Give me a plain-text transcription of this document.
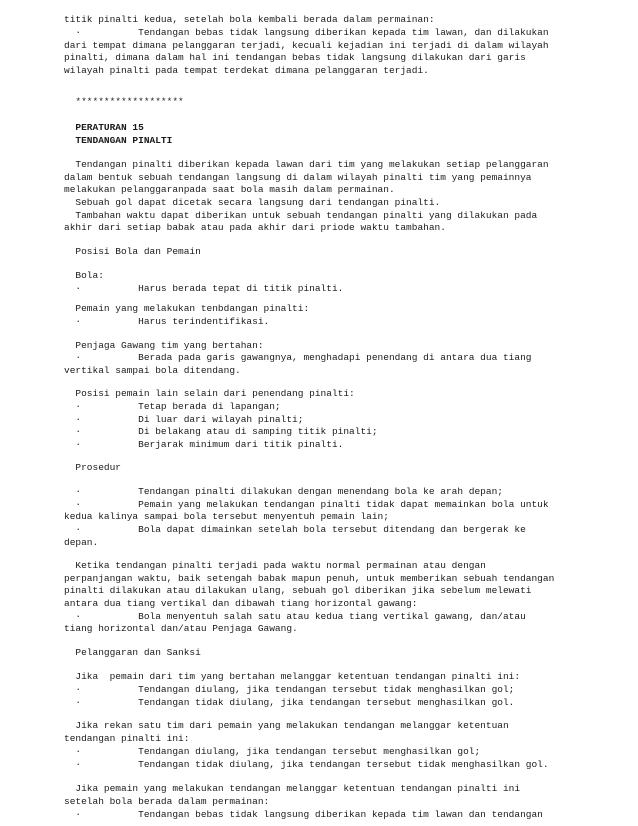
titik pinalti kedua, setelah bola kembali berada dalam permainan:
·          Tendangan bebas tidak langsung diberikan kepada tim lawan, dan dilakukan
dari tempat dimana pelanggaran terjadi, kecuali kejadian ini terjadi di dalam wilayah
pinalti, dimana dalam hal ini tendangan bebas tidak langsung dilakukan dari garis
wilayah pinalti pada tempat terdekat dimana pelanggaran terjadi.
*******************
PERATURAN 15
TENDANGAN PINALTI
Tendangan pinalti diberikan kepada lawan dari tim yang melakukan setiap pelanggaran
dalam bentuk sebuah tendangan langsung di dalam wilayah pinalti tim yang pemainnya
melakukan pelanggaranpada saat bola masih dalam permainan.
Sebuah gol dapat dicetak secara langsung dari tendangan pinalti.
Tambahan waktu dapat diberikan untuk sebuah tendangan pinalti yang dilakukan pada
akhir dari setiap babak atau pada akhir dari priode waktu tambahan.
Posisi Bola dan Pemain
Bola:
·          Harus berada tepat di titik pinalti.
Pemain yang melakukan tenbdangan pinalti:
·          Harus terindentifikasi.
Penjaga Gawang tim yang bertahan:
·          Berada pada garis gawangnya, menghadapi penendang di antara dua tiang
vertikal sampai bola ditendang.
Posisi pemain lain selain dari penendang pinalti:
·          Tetap berada di lapangan;
·          Di luar dari wilayah pinalti;
·          Di belakang atau di samping titik pinalti;
·          Berjarak minimum dari titik pinalti.
Prosedur
·          Tendangan pinalti dilakukan dengan menendang bola ke arah depan;
·          Pemain yang melakukan tendangan pinalti tidak dapat memainkan bola untuk
kedua kalinya sampai bola tersebut menyentuh pemain lain;
·          Bola dapat dimainkan setelah bola tersebut ditendang dan bergerak ke
depan.
Ketika tendangan pinalti terjadi pada waktu normal permainan atau dengan
perpanjangan waktu, baik setengah babak mapun penuh, untuk memberikan sebuah tendangan
pinalti dilakukan atau dilakukan ulang, sebuah gol diberikan jika sebelum melewati
antara dua tiang vertikal dan dibawah tiang horizontal gawang:
·          Bola menyentuh salah satu atau kedua tiang vertikal gawang, dan/atau
tiang horizontal dan/atau Penjaga Gawang.
Pelanggaran dan Sanksi
Jika  pemain dari tim yang bertahan melanggar ketentuan tendangan pinalti ini:
·          Tendangan diulang, jika tendangan tersebut tidak menghasilkan gol;
·          Tendangan tidak diulang, jika tendangan tersebut menghasilkan gol.
Jika rekan satu tim dari pemain yang melakukan tendangan melanggar ketentuan
tendangan pinalti ini:
·          Tendangan diulang, jika tendangan tersebut menghasilkan gol;
·          Tendangan tidak diulang, jika tendangan tersebut tidak menghasilkan gol.
Jika pemain yang melakukan tendangan melanggar ketentuan tendangan pinalti ini
setelah bola berada dalam permainan:
·          Tendangan bebas tidak langsung diberikan kepada tim lawan dan tendangan
